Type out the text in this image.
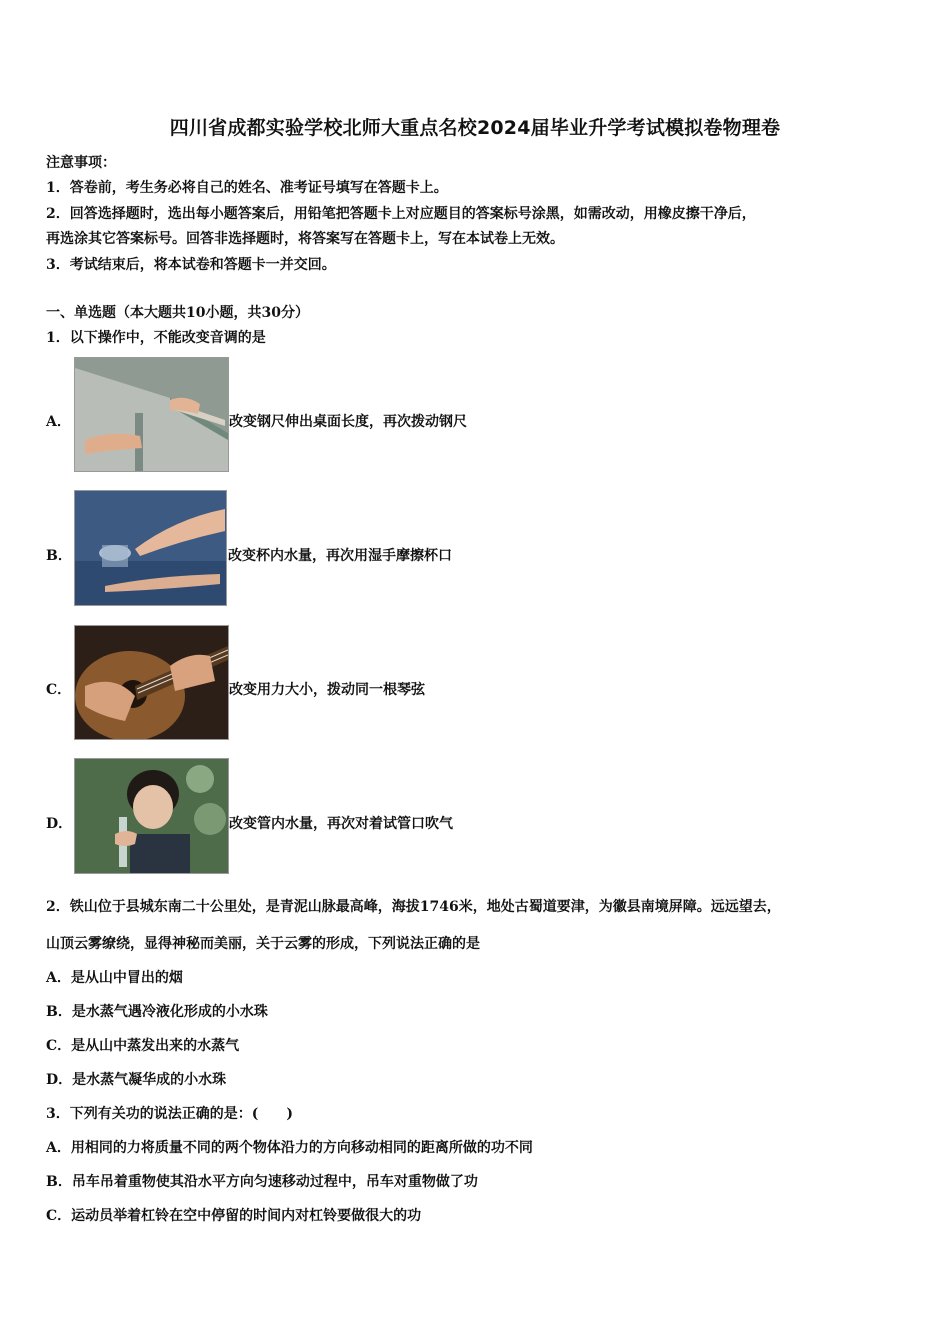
四川省成都实验学校北师大重点名校2024届毕业升学考试模拟卷物理卷
注意事项：
1．答卷前，考生务必将自己的姓名、准考证号填写在答题卡上。
2．回答选择题时，选出每小题答案后，用铅笔把答题卡上对应题目的答案标号涂黑，如需改动，用橡皮擦干净后，
再选涂其它答案标号。回答非选择题时，将答案写在答题卡上，写在本试卷上无效。
3．考试结束后，将本试卷和答题卡一并交回。
一、单选题（本大题共10小题，共30分）
1．以下操作中，不能改变音调的是
A．	改变钢尺伸出桌面长度，再次拨动钢尺
B．	改变杯内水量，再次用湿手摩擦杯口
C．	改变用力大小，拨动同一根琴弦
D．	改变管内水量，再次对着试管口吹气
2．铁山位于县城东南二十公里处，是青泥山脉最高峰，海拔1746米，地处古蜀道要津，为徽县南境屏障。远远望去，
山顶云雾缭绕，显得神秘而美丽，关于云雾的形成，下列说法正确的是
A．是从山中冒出的烟
B．是水蒸气遇冷液化形成的小水珠
C．是从山中蒸发出来的水蒸气
D．是水蒸气凝华成的小水珠
3．下列有关功的说法正确的是：(　　)
A．用相同的力将质量不同的两个物体沿力的方向移动相同的距离所做的功不同
B．吊车吊着重物使其沿水平方向匀速移动过程中，吊车对重物做了功
C．运动员举着杠铃在空中停留的时间内对杠铃要做很大的功
